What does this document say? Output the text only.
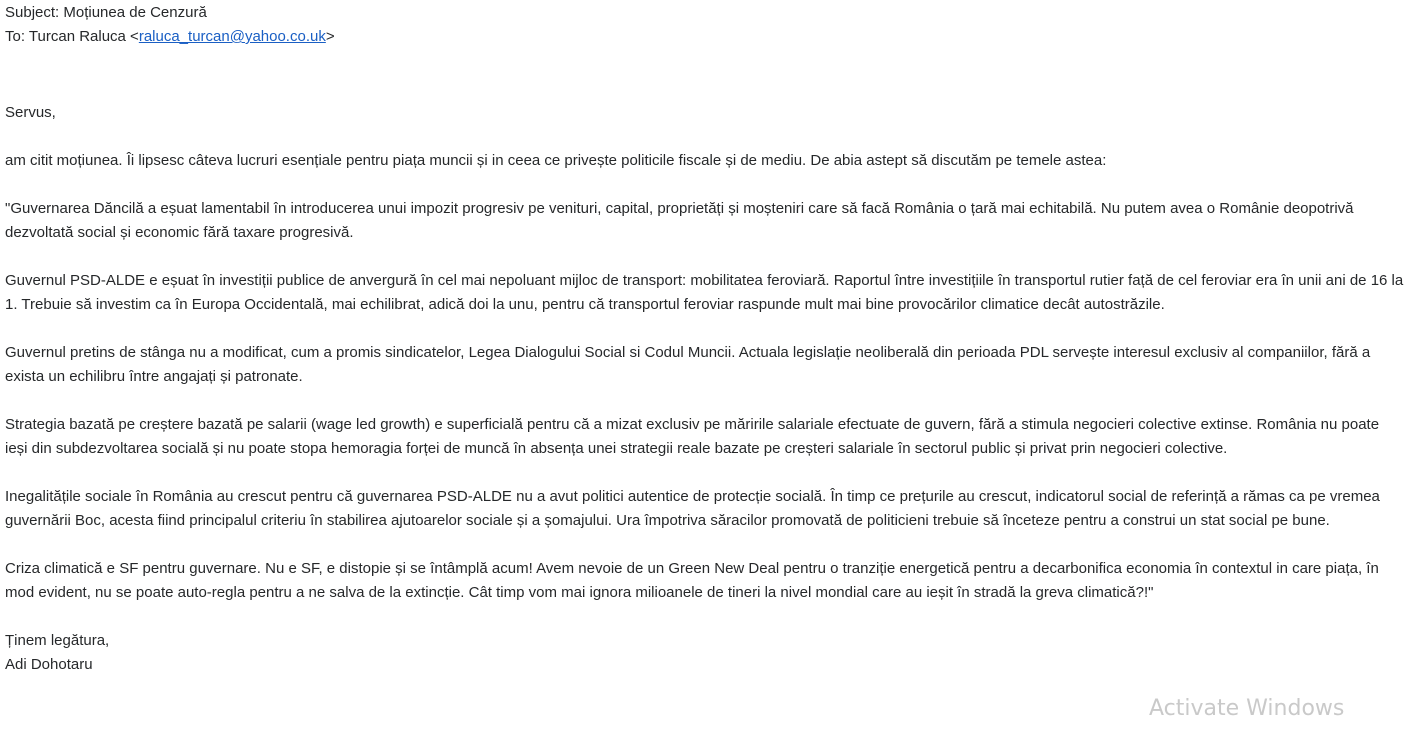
Subject: Moțiunea de Cenzură
To: Turcan Raluca <raluca_turcan@yahoo.co.uk>

Servus,

am citit moțiunea. Îi lipsesc câteva lucruri esențiale pentru piața muncii și in ceea ce privește politicile fiscale și de mediu. De abia astept să discutăm pe temele astea:

"Guvernarea Dăncilă a eșuat lamentabil în introducerea unui impozit progresiv pe venituri, capital, proprietăți și moșteniri care să facă România o țară mai echitabilă. Nu putem avea o Românie deopotrivă dezvoltată social și economic fără taxare progresivă.

Guvernul PSD-ALDE e eșuat în investiții publice de anvergură în cel mai nepoluant mijloc de transport: mobilitatea feroviară. Raportul între investițiile în transportul rutier față de cel feroviar era în unii ani de 16 la 1. Trebuie să investim ca în Europa Occidentală, mai echilibrat, adică doi la unu, pentru că transportul feroviar raspunde mult mai bine provocărilor climatice decât autostrăzile.

Guvernul pretins de stânga nu a modificat, cum a promis sindicatelor, Legea Dialogului Social si Codul Muncii. Actuala legislație neoliberală din perioada PDL servește interesul exclusiv al companiilor, fără a exista un echilibru între angajați și patronate.

Strategia bazată pe creștere bazată pe salarii (wage led growth) e superficială pentru că a mizat exclusiv pe măririle salariale efectuate de guvern, fără a stimula negocieri colective extinse. România nu poate ieși din subdezvoltarea socială și nu poate stopa hemoragia forței de muncă în absența unei strategii reale bazate pe creșteri salariale în sectorul public și privat prin negocieri colective.

Inegalitățile sociale în România au crescut pentru că guvernarea PSD-ALDE nu a avut politici autentice de protecție socială. În timp ce prețurile au crescut, indicatorul social de referință a rămas ca pe vremea guvernării Boc, acesta fiind principalul criteriu în stabilirea ajutoarelor sociale și a șomajului. Ura împotriva săracilor promovată de politicieni trebuie să înceteze pentru a construi un stat social pe bune.

Criza climatică e SF pentru guvernare. Nu e SF, e distopie și se întâmplă acum! Avem nevoie de un Green New Deal pentru o tranziție energetică pentru a decarbonifica economia în contextul in care piața, în mod evident, nu se poate auto-regla pentru a ne salva de la extincție. Cât timp vom mai ignora milioanele de tineri la nivel mondial care au ieșit în stradă la greva climatică?!"

Ținem legătura,
Adi Dohotaru
Activate Windows
